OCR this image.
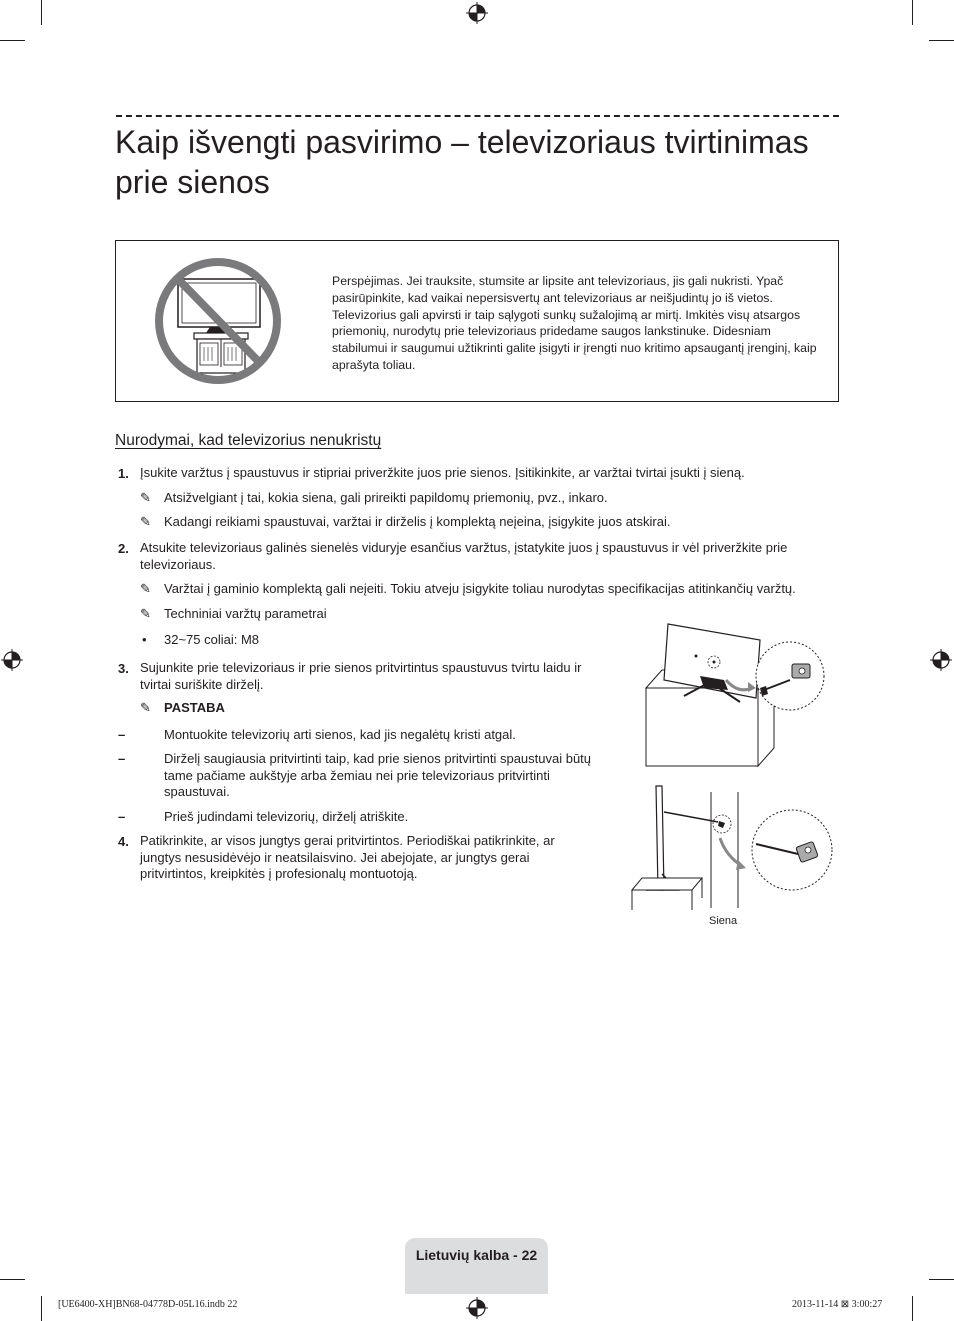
Kaip išvengti pasvirimo – televizoriaus tvirtinimas prie sienos
Perspėjimas. Jei trauksite, stumsite ar lipsite ant televizoriaus, jis gali nukristi. Ypač pasirūpinkite, kad vaikai nepersisvertų ant televizoriaus ar neišjudintų jo iš vietos. Televizorius gali apvirsti ir taip sąlygoti sunkų sužalojimą ar mirtį. Imkitės visų atsargos priemonių, nurodytų prie televizoriaus pridedame saugos lankstinuke. Didesniam stabilumui ir saugumui užtikrinti galite įsigyti ir įrengti nuo kritimo apsaugantį įrenginį, kaip aprašyta toliau.
Nurodymai, kad televizorius nenukristų
1. Įsukite varžtus į spaustuvus ir stipriai priveržkite juos prie sienos. Įsitikinkite, ar varžtai tvirtai įsukti į sieną.
✎ Atsižvelgiant į tai, kokia siena, gali prireikti papildomų priemonių, pvz., inkaro.
✎ Kadangi reikiami spaustuvai, varžtai ir dirželis į komplektą neįeina, įsigykite juos atskirai.
2. Atsukite televizoriaus galinės sienelės viduryje esančius varžtus, įstatykite juos į spaustuvus ir vėl priveržkite prie televizoriaus.
✎ Varžtai į gaminio komplektą gali neįeiti. Tokiu atveju įsigykite toliau nurodytas specifikacijas atitinkančių varžtų.
✎ Techniniai varžtų parametrai
• 32~75 coliai: M8
3. Sujunkite prie televizoriaus ir prie sienos pritvirtintus spaustuvus tvirtu laidu ir tvirtai suriškite dirželį.
✎ PASTABA
–	Montuokite televizorių arti sienos, kad jis negalėtų kristi atgal.
–	Dirželį saugiausia pritvirtinti taip, kad prie sienos pritvirtinti spaustuvai būtų tame pačiame aukštyje arba žemiau nei prie televizoriaus pritvirtinti spaustuvai.
–	Prieš judindami televizorių, dirželį atriškite.
4. Patikrinkite, ar visos jungtys gerai pritvirtintos. Periodiškai patikrinkite, ar jungtys nesusidėvėjo ir neatsilaisvino. Jei abejojate, ar jungtys gerai pritvirtintos, kreipkitės į profesionalų montuotoją.
Siena
Lietuvių kalba - 22
[UE6400-XH]BN68-04778D-05L16.indb 22	2013-11-14 ⊠ 3:00:27
